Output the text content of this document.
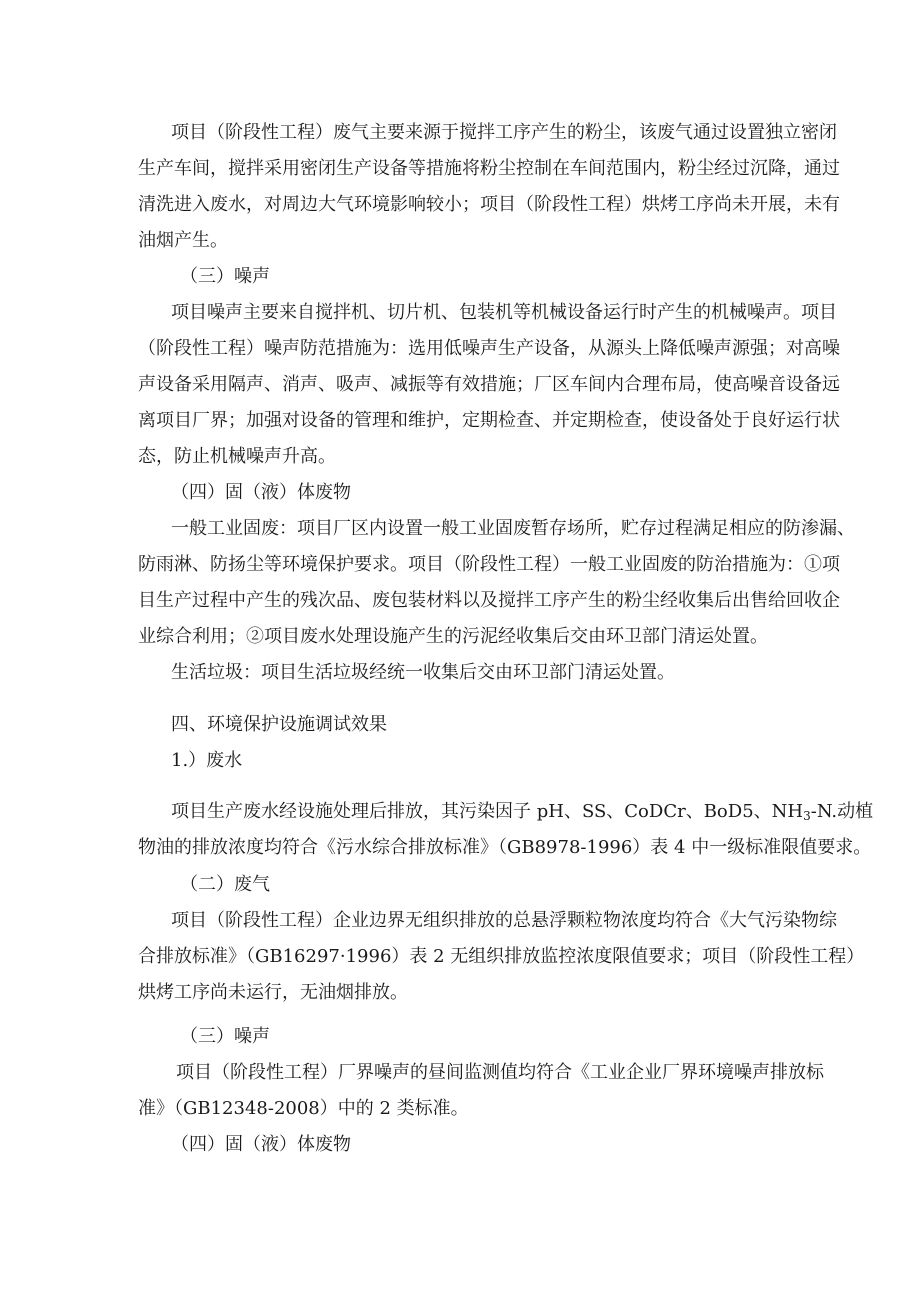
项目（阶段性工程）废气主要来源于搅拌工序产生的粉尘，该废气通过设置独立密闭
生产车间，搅拌采用密闭生产设备等措施将粉尘控制在车间范围内，粉尘经过沉降，通过
清洗进入废水，对周边大气环境影响较小；项目（阶段性工程）烘烤工序尚未开展，未有
油烟产生。
（三）噪声
项目噪声主要来自搅拌机、切片机、包装机等机械设备运行时产生的机械噪声。项目
（阶段性工程）噪声防范措施为：选用低噪声生产设备，从源头上降低噪声源强；对高噪
声设备采用隔声、消声、吸声、减振等有效措施；厂区车间内合理布局，使高噪音设备远
离项目厂界；加强对设备的管理和维护，定期检查、并定期检查，使设备处于良好运行状
态，防止机械噪声升高。
（四）固（液）体废物
一般工业固废：项目厂区内设置一般工业固废暂存场所，贮存过程满足相应的防渗漏、
防雨淋、防扬尘等环境保护要求。项目（阶段性工程）一般工业固废的防治措施为：①项
目生产过程中产生的残次品、废包装材料以及搅拌工序产生的粉尘经收集后出售给回收企
业综合利用；②项目废水处理设施产生的污泥经收集后交由环卫部门清运处置。
生活垃圾：项目生活垃圾经统一收集后交由环卫部门清运处置。
四、环境保护设施调试效果
1.）废水
项目生产废水经设施处理后排放，其污染因子 pH、SS、CoDCr、BoD5、$NH_3-N$.动植
物油的排放浓度均符合《污水综合排放标准》（GB8978-1996）表 4 中一级标准限值要求。
（二）废气
项目（阶段性工程）企业边界无组织排放的总悬浮颗粒物浓度均符合《大气污染物综
合排放标准》（GB16297·1996）表 2 无组织排放监控浓度限值要求；项目（阶段性工程）
烘烤工序尚未运行，无油烟排放。
（三）噪声
项目（阶段性工程）厂界噪声的昼间监测值均符合《工业企业厂界环境噪声排放标
准》（GB12348-2008）中的 2 类标准。
（四）固（液）体废物
